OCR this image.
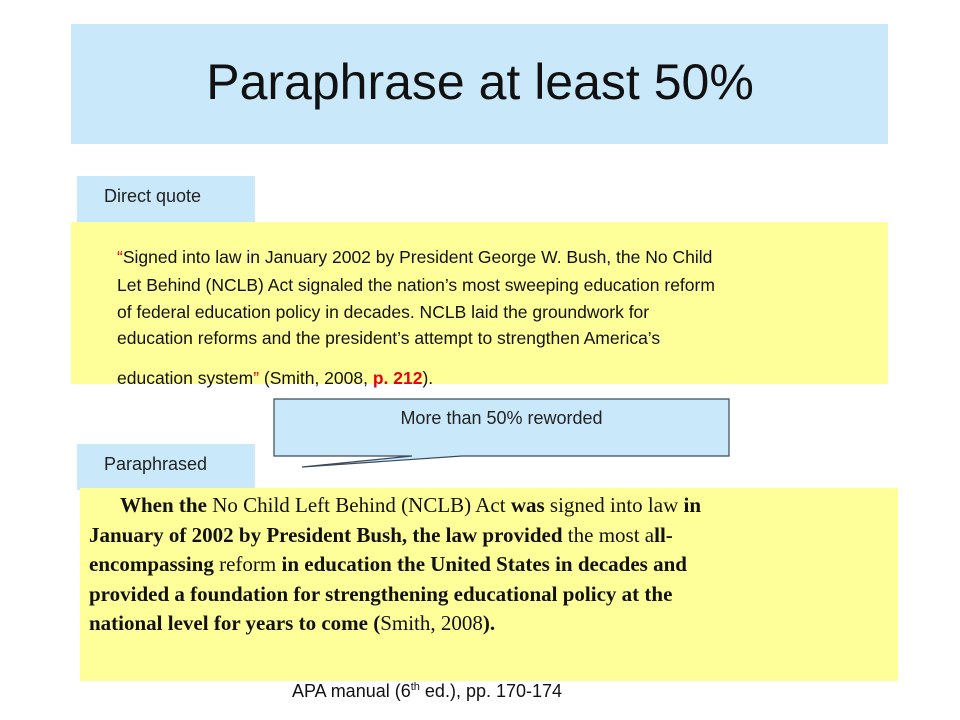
Paraphrase at least 50%
Direct quote
“Signed into law in January 2002 by President George W. Bush, the No Child
Let Behind (NCLB) Act signaled the nation’s most sweeping education reform
of federal education policy in decades. NCLB laid the groundwork for
education reforms and the president’s attempt to strengthen America’s
education system” (Smith, 2008, p. 212).
Paraphrased
More than 50% reworded
When the No Child Left Behind (NCLB) Act was signed into law in
January of 2002 by President Bush, the law provided the most all-
encompassing reform in education the United States in decades and
provided a foundation for strengthening educational policy at the
national level for years to come (Smith, 2008).
APA manual (6th ed.), pp. 170-174
